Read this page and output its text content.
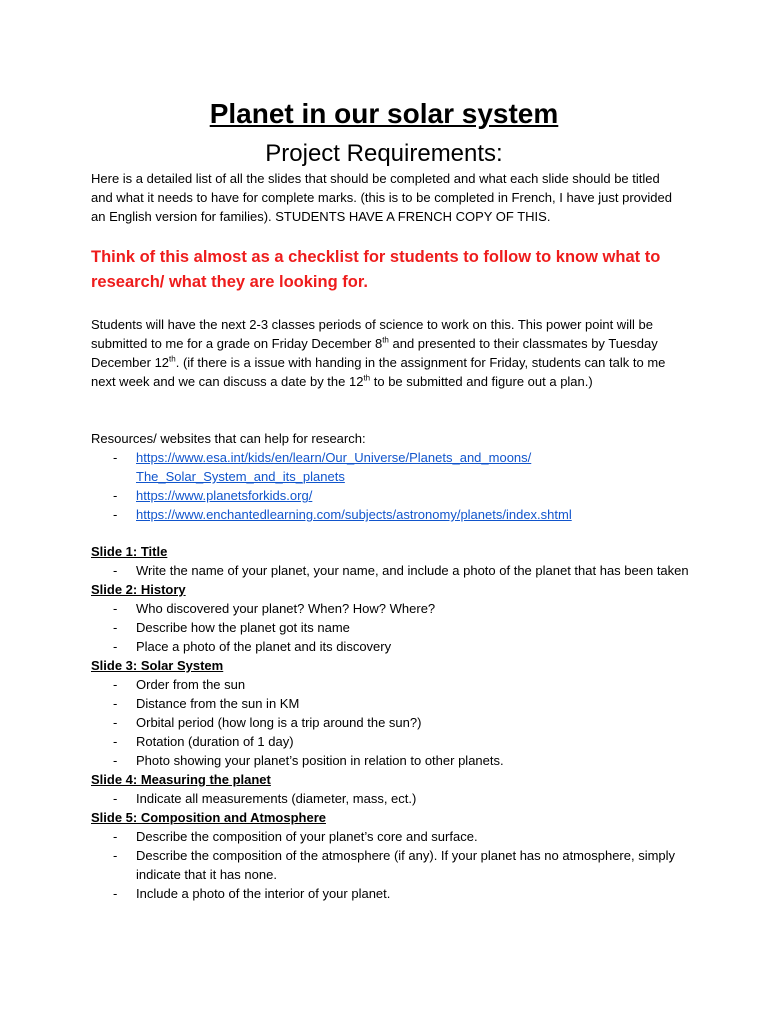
Planet in our solar system
Project Requirements:

Here is a detailed list of all the slides that should be completed and what each slide should be titled and what it needs to have for complete marks. (this is to be completed in French, I have just provided an English version for families). STUDENTS HAVE A FRENCH COPY OF THIS.

Think of this almost as a checklist for students to follow to know what to research/ what they are looking for.

Students will have the next 2-3 classes periods of science to work on this. This power point will be submitted to me for a grade on Friday December 8th and presented to their classmates by Tuesday December 12th. (if there is a issue with handing in the assignment for Friday, students can talk to me next week and we can discuss a date by the 12th to be submitted and figure out a plan.)

Resources/ websites that can help for research:

- https://www.esa.int/kids/en/learn/Our_Universe/Planets_and_moons/
The_Solar_System_and_its_planets
- https://www.planetsforkids.org/
- https://www.enchantedlearning.com/subjects/astronomy/planets/index.shtml

Slide 1: Title

- Write the name of your planet, your name, and include a photo of the planet that has been taken

Slide 2: History

- Who discovered your planet? When? How? Where?
- Describe how the planet got its name
- Place a photo of the planet and its discovery

Slide 3: Solar System

- Order from the sun
- Distance from the sun in KM
- Orbital period (how long is a trip around the sun?)
- Rotation (duration of 1 day)
- Photo showing your planet’s position in relation to other planets.

Slide 4: Measuring the planet

- Indicate all measurements (diameter, mass, ect.)

Slide 5: Composition and Atmosphere

- Describe the composition of your planet’s core and surface.
- Describe the composition of the atmosphere (if any). If your planet has no atmosphere, simply indicate that it has none.
- Include a photo of the interior of your planet.
